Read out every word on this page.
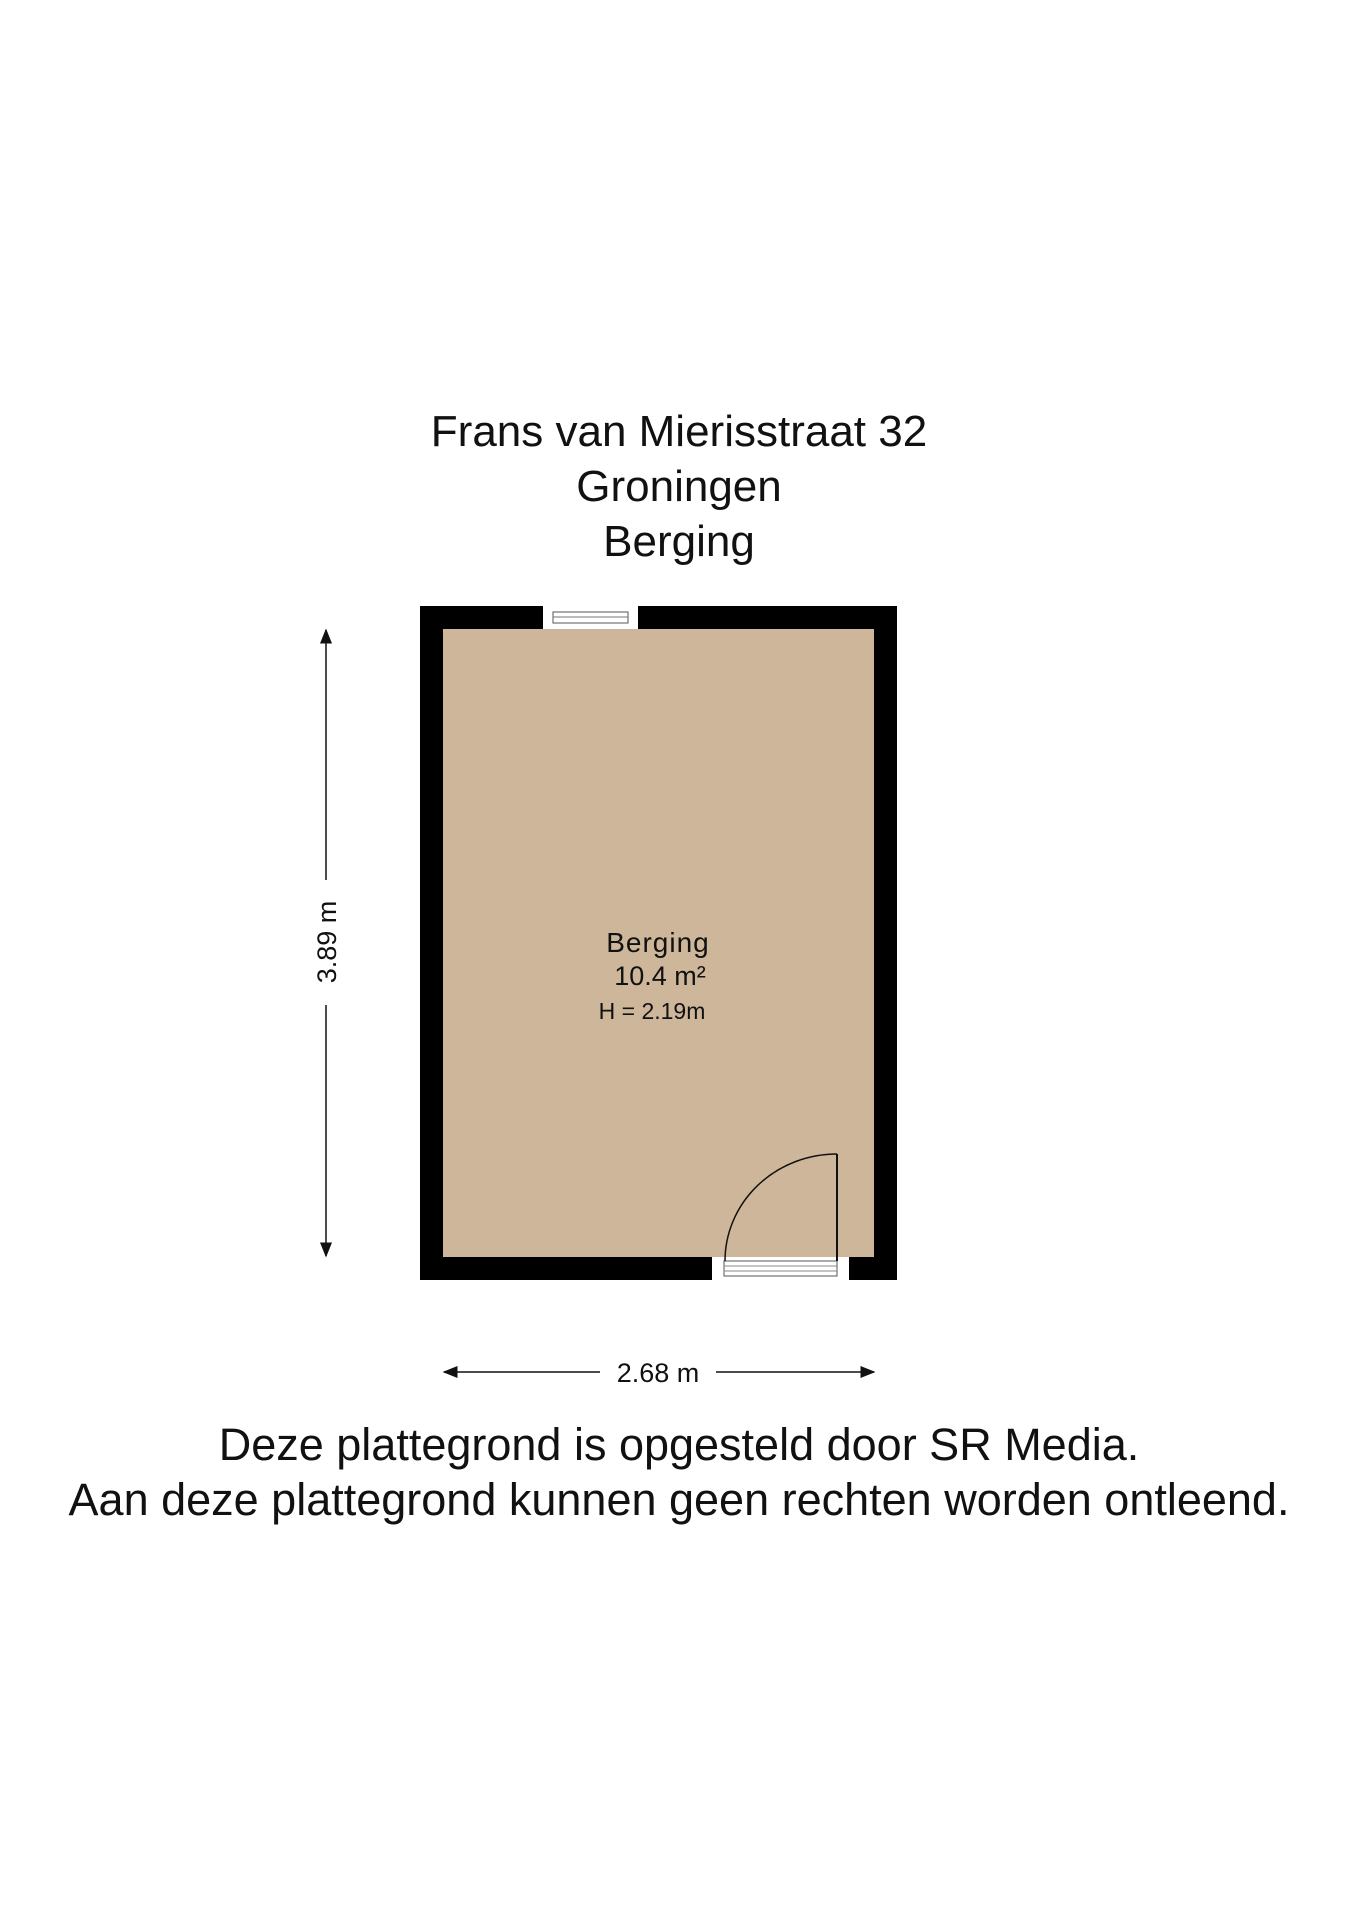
Frans van Mierisstraat 32
Groningen
Berging
Berging
10.4 m²
H = 2.19m
3.89 m
2.68 m
Deze plattegrond is opgesteld door SR Media.
Aan deze plattegrond kunnen geen rechten worden ontleend.
